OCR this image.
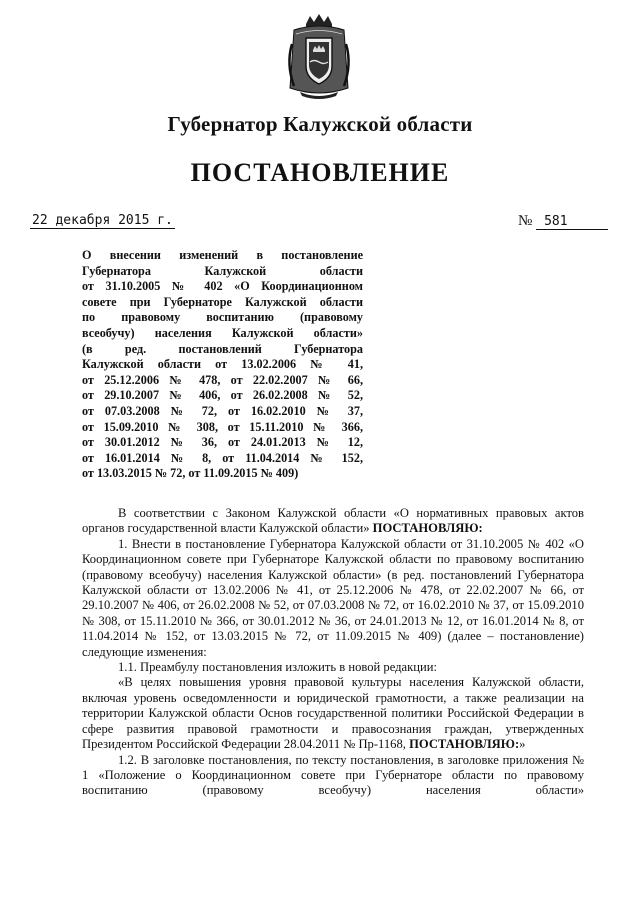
Губернатор Калужской области
ПОСТАНОВЛЕНИЕ
22 декабря 2015 г.	№ 581

О внесении изменений в постановление

Губернатора Калужской области

от 31.10.2005 № 402 «О Координационном

совете при Губернаторе Калужской области

по правовому воспитанию (правовому

всеобучу) населения Калужской области»

(в ред. постановлений Губернатора

Калужской области от 13.02.2006 № 41,

от 25.12.2006 № 478, от 22.02.2007 № 66,

от 29.10.2007 № 406, от 26.02.2008 № 52,

от 07.03.2008 № 72, от 16.02.2010 № 37,

от 15.09.2010 № 308, от 15.11.2010 № 366,

от 30.01.2012 № 36, от 24.01.2013 № 12,

от 16.01.2014 № 8, от 11.04.2014 № 152,

от 13.03.2015 № 72, от 11.09.2015 № 409)

В соответствии с Законом Калужской области «О нормативных правовых актов органов государственной власти Калужской области» ПОСТАНОВЛЯЮ:

1. Внести в постановление Губернатора Калужской области от 31.10.2005 № 402 «О Координационном совете при Губернаторе Калужской области по правовому воспитанию (правовому всеобучу) населения Калужской области» (в ред. постановлений Губернатора Калужской области от 13.02.2006 № 41, от 25.12.2006 № 478, от 22.02.2007 № 66, от 29.10.2007 № 406, от 26.02.2008 № 52, от 07.03.2008 № 72, от 16.02.2010 № 37, от 15.09.2010 № 308, от 15.11.2010 № 366, от 30.01.2012 № 36, от 24.01.2013 № 12, от 16.01.2014 № 8, от 11.04.2014 № 152, от 13.03.2015 № 72, от 11.09.2015 № 409) (далее – постановление) следующие изменения:

1.1. Преамбулу постановления изложить в новой редакции:

«В целях повышения уровня правовой культуры населения Калужской области, включая уровень осведомленности и юридической грамотности, а также реализации на территории Калужской области Основ государственной политики Российской Федерации в сфере развития правовой грамотности и правосознания граждан, утвержденных Президентом Российской Федерации 28.04.2011 № Пр-1168, ПОСТАНОВЛЯЮ:»

1.2. В заголовке постановления, по тексту постановления, в заголовке приложения № 1 «Положение о Координационном совете при Губернаторе области по правовому воспитанию (правовому всеобучу) населения области»
